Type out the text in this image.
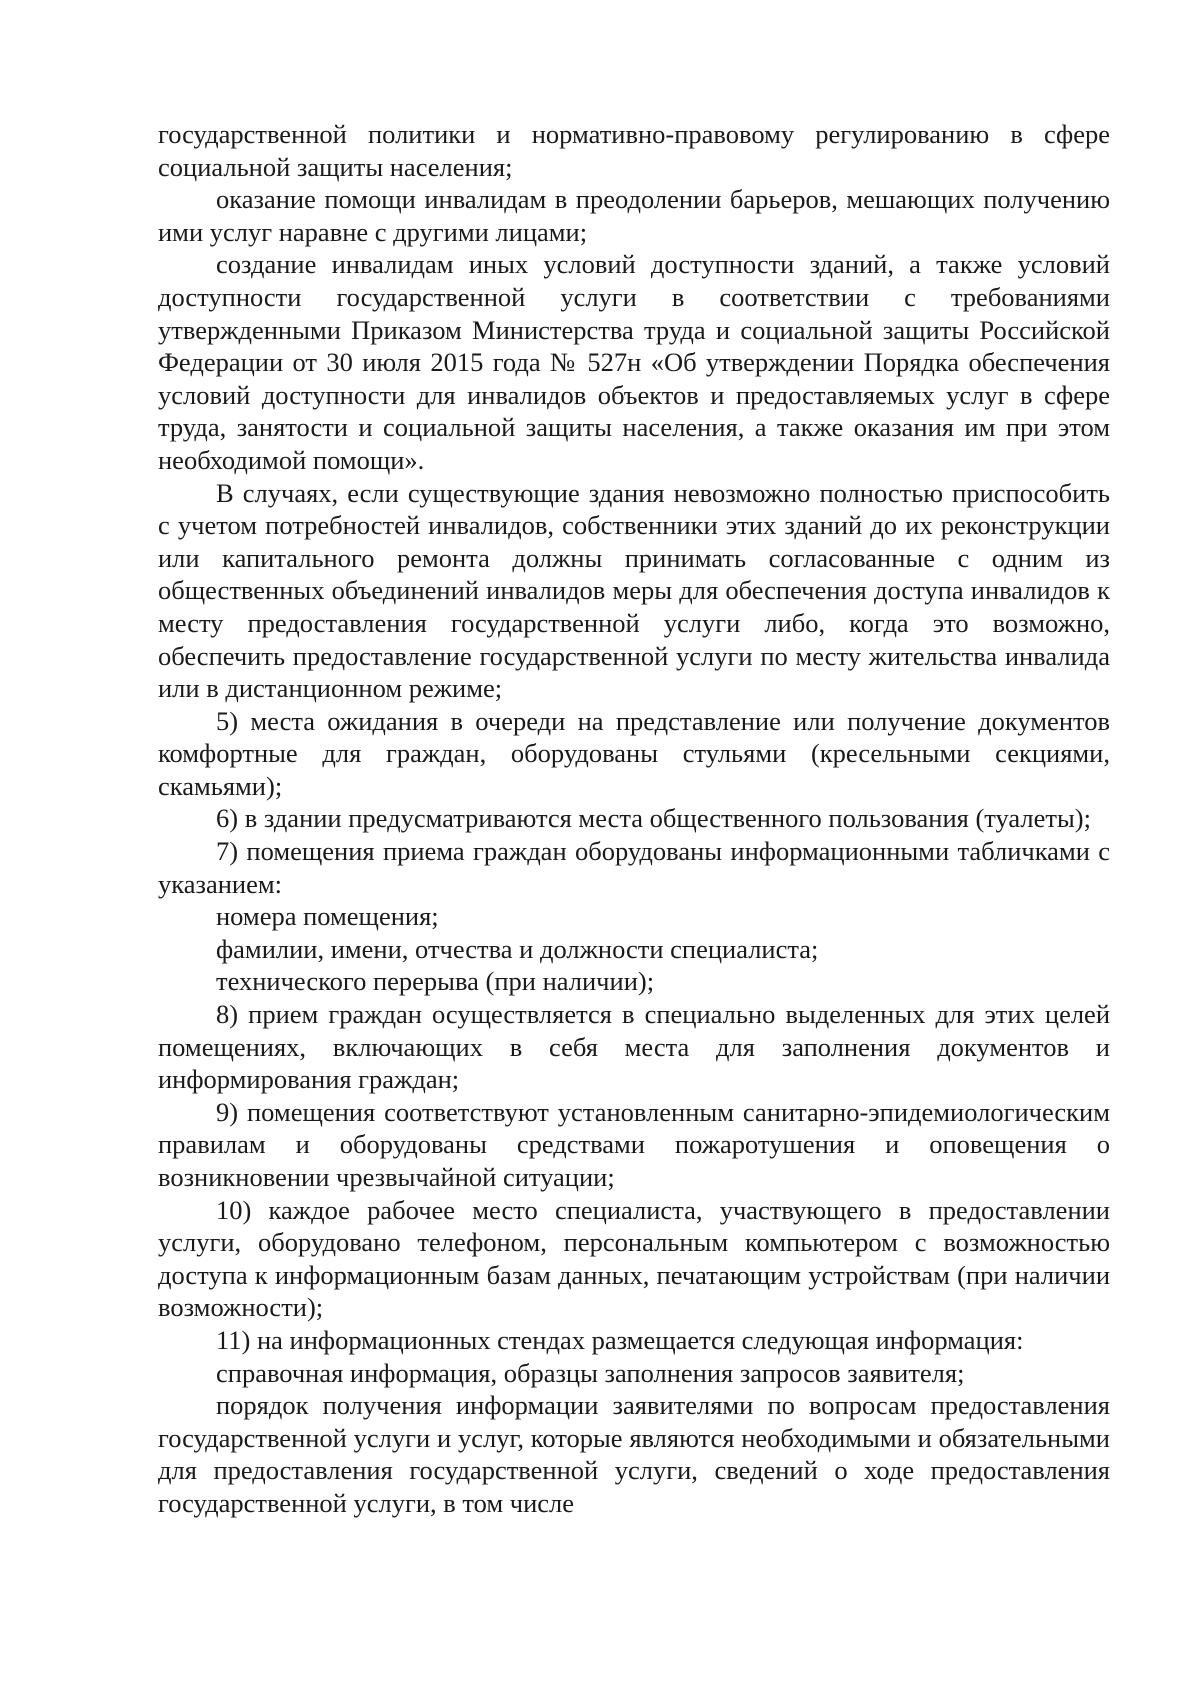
государственной политики и нормативно-правовому регулированию в сфере социальной защиты населения;

оказание помощи инвалидам в преодолении барьеров, мешающих получению ими услуг наравне с другими лицами;

создание инвалидам иных условий доступности зданий, а также условий доступности государственной услуги в соответствии с требованиями утвержденными Приказом Министерства труда и социальной защиты Российской Федерации от 30 июля 2015 года № 527н «Об утверждении Порядка обеспечения условий доступности для инвалидов объектов и предоставляемых услуг в сфере труда, занятости и социальной защиты населения, а также оказания им при этом необходимой помощи».

В случаях, если существующие здания невозможно полностью приспособить с учетом потребностей инвалидов, собственники этих зданий до их реконструкции или капитального ремонта должны принимать согласованные с одним из общественных объединений инвалидов меры для обеспечения доступа инвалидов к месту предоставления государственной услуги либо, когда это возможно, обеспечить предоставление государственной услуги по месту жительства инвалида или в дистанционном режиме;

5) места ожидания в очереди на представление или получение документов комфортные для граждан, оборудованы стульями (кресельными секциями, скамьями);

6) в здании предусматриваются места общественного пользования (туалеты);

7) помещения приема граждан оборудованы информационными табличками с указанием:

номера помещения;

фамилии, имени, отчества и должности специалиста;

технического перерыва (при наличии);

8) прием граждан осуществляется в специально выделенных для этих целей помещениях, включающих в себя места для заполнения документов и информирования граждан;

9) помещения соответствуют установленным санитарно-эпидемиологическим правилам и оборудованы средствами пожаротушения и оповещения о возникновении чрезвычайной ситуации;

10) каждое рабочее место специалиста, участвующего в предоставлении услуги, оборудовано телефоном, персональным компьютером с возможностью доступа к информационным базам данных, печатающим устройствам (при наличии возможности);

11) на информационных стендах размещается следующая информация:

справочная информация, образцы заполнения запросов заявителя;

порядок получения информации заявителями по вопросам предоставления государственной услуги и услуг, которые являются необходимыми и обязательными для предоставления государственной услуги, сведений о ходе предоставления государственной услуги, в том числе
